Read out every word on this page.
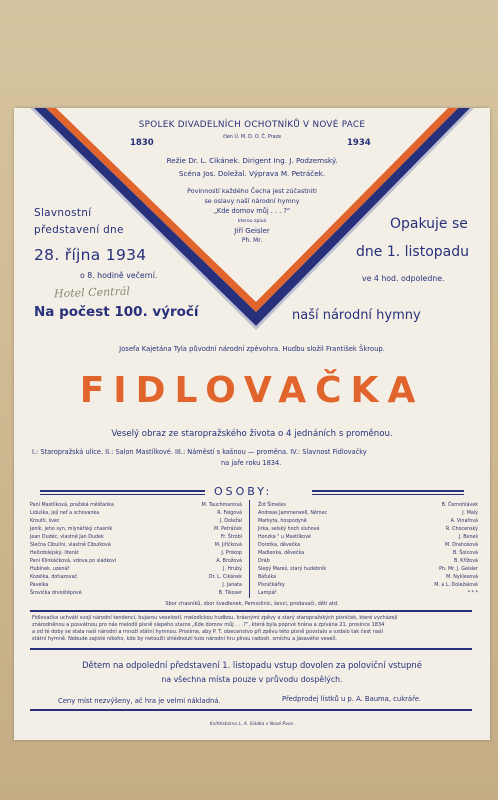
SPOLEK DIVADELNÍCH OCHOTNÍKŮ V NOVÉ PACE
1830
člen Ú. M. D. O. Č. Praze
1934
Režie Dr. L. Cikánek. Dirigent Ing. J. Podzemský.
Scéna Jos. Doležal. Výprava M. Petráček.
Povinností každého Čecha jest zúčastniti
se oslavy naší národní hymny
„Kde domov můj . . . ?“
kterou zpívá
Jiří Geisler
Ph. Mr.
Slavnostní
představení dne
28. října 1934
o 8. hodině večerní.
Hotel Centrál
Opakuje se
dne 1. listopadu
ve 4 hod. odpoledne.
Na počest 100. výročí	naší národní hymny
Josefa Kajetána Tyla původní národní zpěvohra. Hudbu složil František Škroup.
FIDLOVAČKA
Veselý obraz ze staropražského života o 4 jednáních s proměnou.
I.: Staropražská ulice. II.: Salon Mastílkové. III.: Náměstí s kašnou — proměna. IV.: Slavnost Fidlovačky
na jaře roku 1834.
OSOBY:
Paní Mastílková, pražská měšťanka	M. Tauchmanová
Liduška, její neť a schovanka	R. Feigová
Kroutil, švec	J. Doležal
Jeník, jeho syn, mlynářský chasník	M. Petráček
Jean Dudéc, vlastně Jan Dudek	Fr. Štróbl
Slečna Cibulíni, vlastně Cibulková	M. Jiříčková
Hellzdolejský, literát	J. Prokop
Paní Klinkáčková, vdova po sládkovi	A. Brožová
Hubínek, uzenář	J. Hrubý
Kozelka, dohazovač	Dr. L. Cikánek
Pavelka	J. Janata
Šrovička drvoštěpové	B. Tikoser
Žid Šimeles	B. Černohlávek
Andreas Jammerwell, Němec	J. Malý
Markyta, hospodyně	A. Vinařová
Jirka, selský hoch sluhové	R. Chocenský
Honzka " u Mastílkové	J. Beneš
Dorotka, děvečka	M. Drahošová
Madlenka, děvečka	B. Šolcová
Dráb	B. Křížová
Slepý Mareš, starý hudebník	Ph. Mr. J. Geisler
Báťulka	M. Nyklesová
Písničkářky	M. a L. Doležalové
Lampář	* * *
Sbor chasníků, sbor švadlenek, Pemsslinic, ševci, prodavači, děti atd.
Fidlovačka uchvátí svojí národní tendencí, bujarou veselostí, melodickou hudbou, krásnými zpěvy a starý staropražských písniček, které vycházejí
znárodněnou a posvátnou pro nás melodií písně slepého starce „Kde domov můj . . .?“, která byla poprvé hrána a zpívána 21. prosince 1834
a od té doby se stala naší národní a množí státní hymnou. Prosíme, aby P. T. obecenstvo při zpěvu této písně povstalo a vzdalo tak čest naší
státní hymně. Nebude zajisté nikoho, kdo by netoužil shlédnouti tuto národní hru plnou radosti, smíchu a jásavého veselí.
Dětem na odpolední představení 1. listopadu vstup dovolen za poloviční vstupné
na všechna místa pouze v průvodu dospělých.
Ceny míst nezvýšeny, ač hra je velmi nákladná.	Předprodej lístků u p. A. Bauma, cukráře.
Knihtiskárna L. A. Sládka v Nové Pace.
